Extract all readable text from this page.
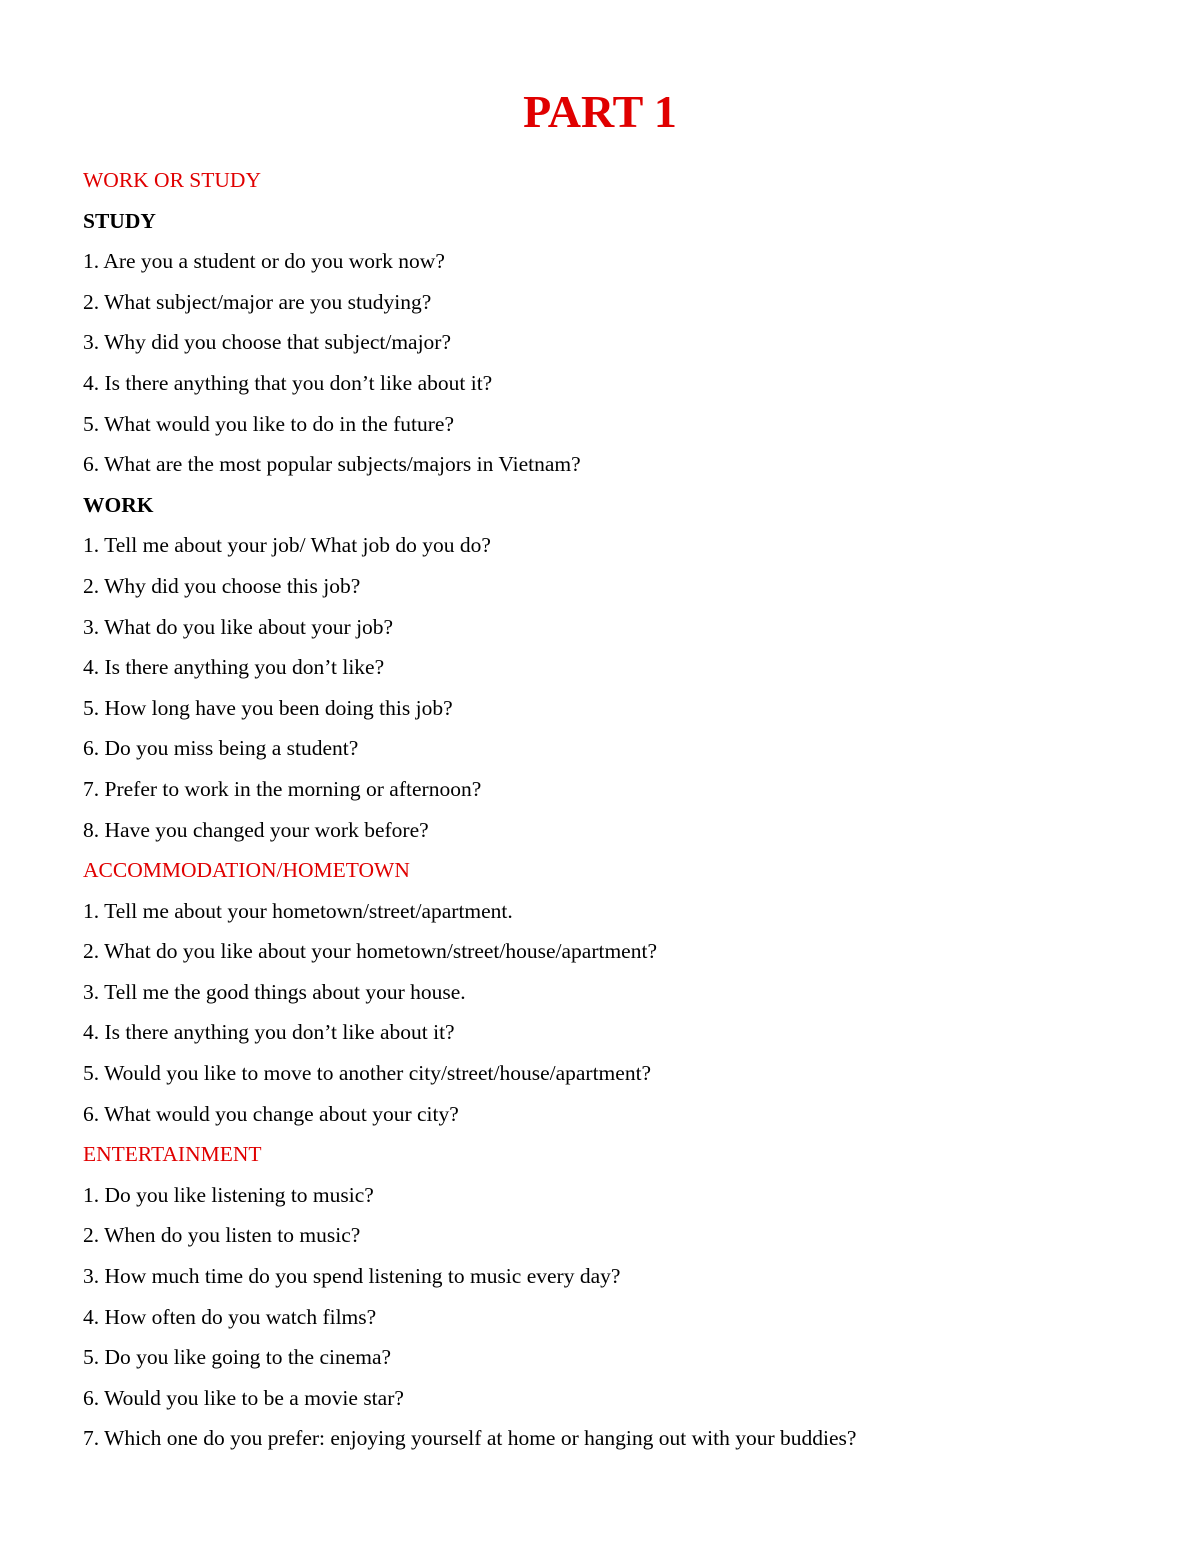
PART 1
WORK OR STUDY
STUDY
1. Are you a student or do you work now?
2. What subject/major are you studying?
3. Why did you choose that subject/major?
4. Is there anything that you don’t like about it?
5. What would you like to do in the future?
6. What are the most popular subjects/majors in Vietnam?
WORK
1. Tell me about your job/ What job do you do?
2. Why did you choose this job?
3. What do you like about your job?
4. Is there anything you don’t like?
5. How long have you been doing this job?
6. Do you miss being a student?
7. Prefer to work in the morning or afternoon?
8. Have you changed your work before?
ACCOMMODATION/HOMETOWN
1. Tell me about your hometown/street/apartment.
2. What do you like about your hometown/street/house/apartment?
3. Tell me the good things about your house.
4. Is there anything you don’t like about it?
5. Would you like to move to another city/street/house/apartment?
6. What would you change about your city?
ENTERTAINMENT
1. Do you like listening to music?
2. When do you listen to music?
3. How much time do you spend listening to music every day?
4. How often do you watch films?
5. Do you like going to the cinema?
6. Would you like to be a movie star?
7. Which one do you prefer: enjoying yourself at home or hanging out with your buddies?
